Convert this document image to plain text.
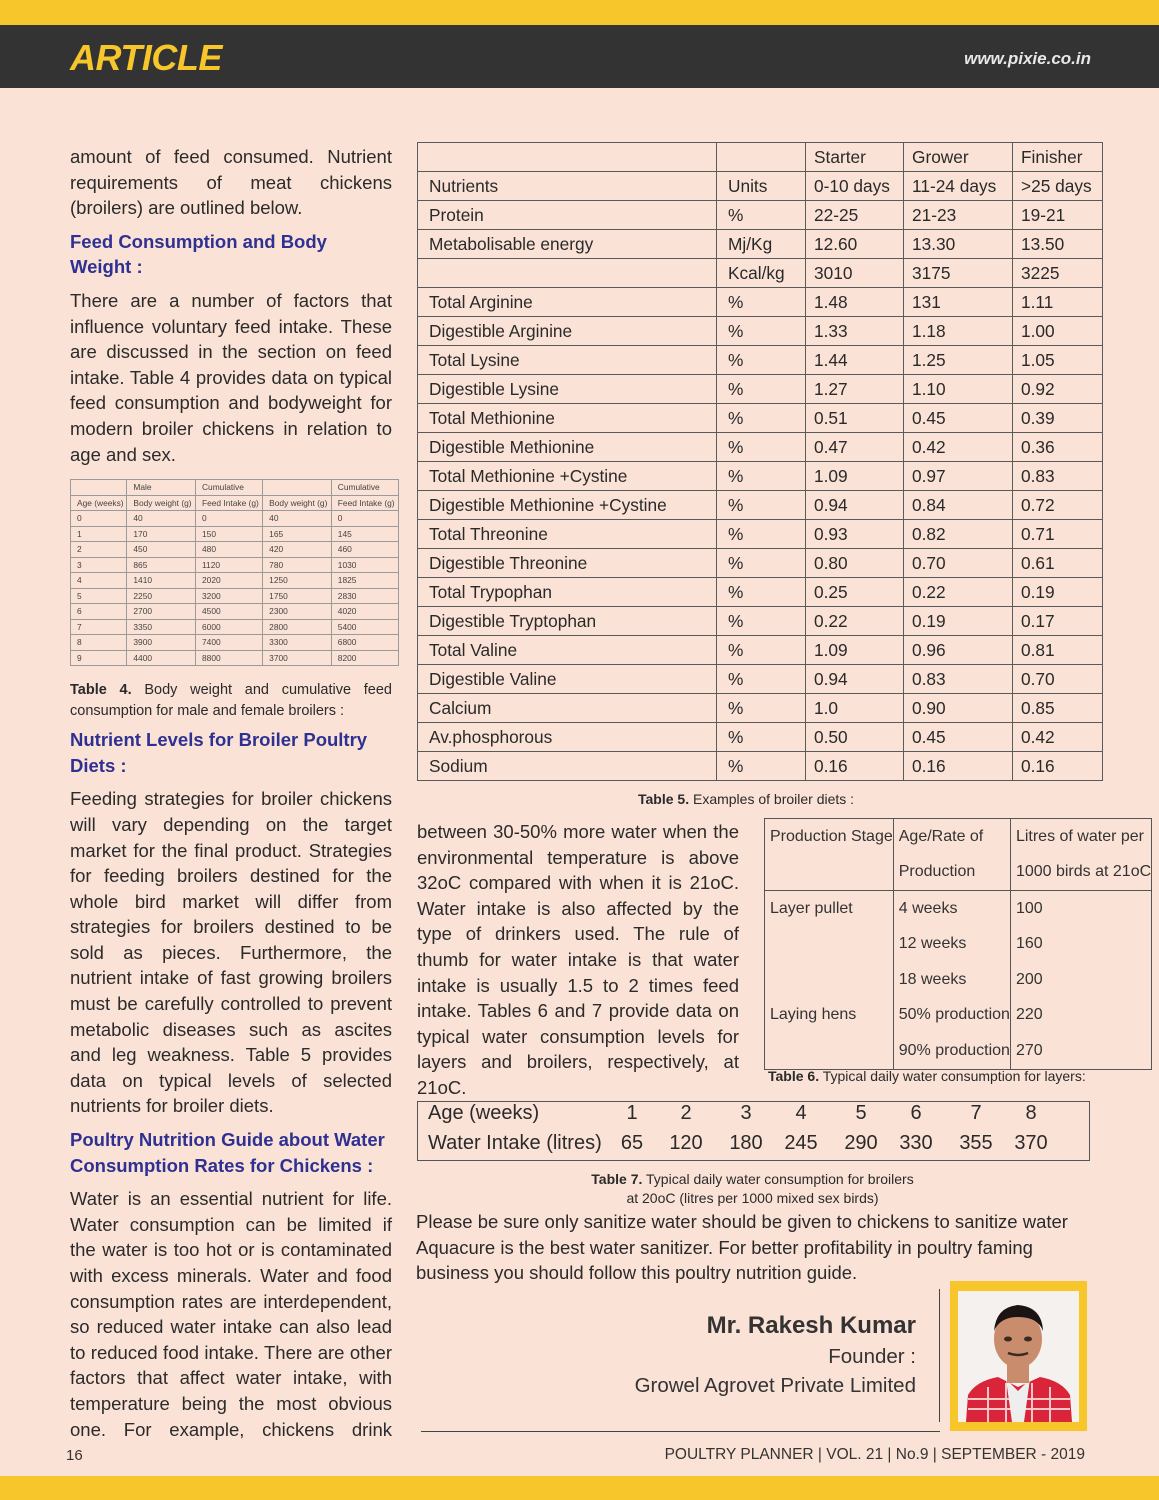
ARTICLE	www.pixie.co.in

amount of feed consumed. Nutrient requirements of meat chickens (broilers) are outlined below.

Feed Consumption and Body Weight :

There are a number of factors that influence voluntary feed intake. These are discussed in the section on feed intake. Table 4 provides data on typical feed consumption and bodyweight for modern broiler chickens in relation to age and sex.

	Male	Cumulative		Cumulative
Age (weeks)	Body weight (g)	Feed Intake (g)	Body weight (g)	Feed Intake (g)
0	40	0	40	0
1	170	150	165	145
2	450	480	420	460
3	865	1120	780	1030
4	1410	2020	1250	1825
5	2250	3200	1750	2830
6	2700	4500	2300	4020
7	3350	6000	2800	5400
8	3900	7400	3300	6800
9	4400	8800	3700	8200
Table 4. Body weight and cumulative feed consumption for male and female broilers :
Nutrient Levels for Broiler Poultry Diets :

Feeding strategies for broiler chickens will vary depending on the target market for the final product. Strategies for feeding broilers destined for the whole bird market will differ from strategies for broilers destined to be sold as pieces. Furthermore, the nutrient intake of fast growing broilers must be carefully controlled to prevent metabolic diseases such as ascites and leg weakness. Table 5 provides data on typical levels of selected nutrients for broiler diets.

Poultry Nutrition Guide about Water Consumption Rates for Chickens :

Water is an essential nutrient for life. Water consumption can be limited if the water is too hot or is contaminated with excess minerals. Water and food consumption rates are interdependent, so reduced water intake can also lead to reduced food intake. There are other factors that affect water intake, with temperature being the most obvious one. For example, chickens drink

		Starter	Grower	Finisher
Nutrients	Units	0-10 days	11-24 days	>25 days
Protein	%	22-25	21-23	19-21
Metabolisable energy	Mj/Kg	12.60	13.30	13.50
	Kcal/kg	3010	3175	3225
Total Arginine	%	1.48	131	1.11
Digestible Arginine	%	1.33	1.18	1.00
Total Lysine	%	1.44	1.25	1.05
Digestible Lysine	%	1.27	1.10	0.92
Total Methionine	%	0.51	0.45	0.39
Digestible Methionine	%	0.47	0.42	0.36
Total Methionine +Cystine	%	1.09	0.97	0.83
Digestible Methionine +Cystine	%	0.94	0.84	0.72
Total Threonine	%	0.93	0.82	0.71
Digestible Threonine	%	0.80	0.70	0.61
Total Trypophan	%	0.25	0.22	0.19
Digestible Tryptophan	%	0.22	0.19	0.17
Total Valine	%	1.09	0.96	0.81
Digestible Valine	%	0.94	0.83	0.70
Calcium	%	1.0	0.90	0.85
Av.phosphorous	%	0.50	0.45	0.42
Sodium	%	0.16	0.16	0.16
Table 5. Examples of broiler diets :

between 30-50% more water when the environmental temperature is above 32oC compared with when it is 21oC. Water intake is also affected by the type of drinkers used. The rule of thumb for water intake is that water intake is usually 1.5 to 2 times feed intake. Tables 6 and 7 provide data on typical water consumption levels for layers and broilers, respectively, at 21oC.

Production Stage	Age/Rate of	Litres of water per
	Production	1000 birds at 21oC
Layer pullet	4 weeks	100
	12 weeks	160
	18 weeks	200
Laying hens	50% production	220
	90% production	270
Table 6. Typical daily water consumption for layers:
Age (weeks)	1	2	3	4	5	6	7	8
Water Intake (litres) 65	120	180	245	290	330	355	370
Table 7. Typical daily water consumption for broilers
at 20oC (litres per 1000 mixed sex birds)
Please be sure only sanitize water should be given to chickens to sanitize water Aquacure is the best water sanitizer. For better profitability in poultry faming business you should follow this poultry nutrition guide.
Mr. Rakesh Kumar
Founder :
Growel Agrovet Private Limited
16	POULTRY PLANNER | VOL. 21 | No.9 | SEPTEMBER - 2019
